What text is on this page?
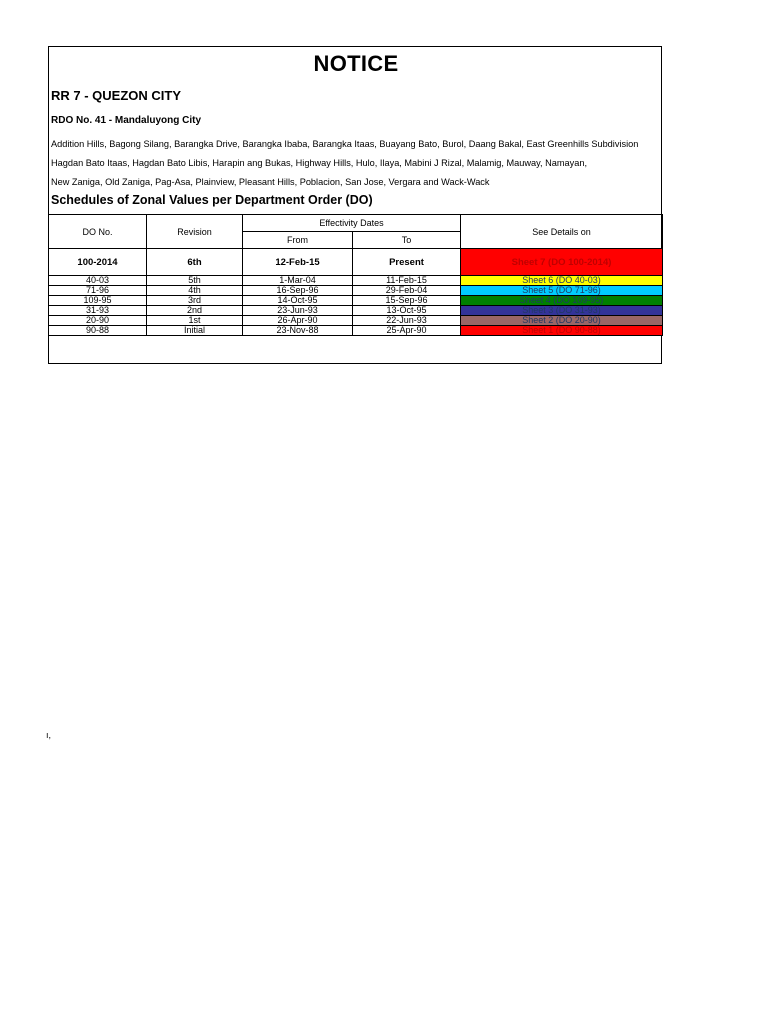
NOTICE
RR 7 - QUEZON CITY
RDO No. 41 - Mandaluyong City
Addition Hills, Bagong Silang, Barangka Drive, Barangka Ibaba, Barangka Itaas, Buayang Bato, Burol, Daang Bakal, East Greenhills Subdivision
Hagdan Bato Itaas, Hagdan Bato Libis, Harapin ang Bukas, Highway Hills, Hulo, Ilaya, Mabini J Rizal, Malamig, Mauway, Namayan,
New Zaniga, Old Zaniga, Pag-Asa, Plainview, Pleasant Hills, Poblacion, San Jose, Vergara and Wack-Wack
Schedules of Zonal Values per Department Order (DO)
DO No.	Revision	Effectivity Dates		See Details on
		From	To	
100-2014	6th	12-Feb-15	Present	Sheet 7 (DO 100-2014)
40-03	5th	1-Mar-04	11-Feb-15	Sheet 6 (DO 40-03)
71-96	4th	16-Sep-96	29-Feb-04	Sheet 5 (DO 71-96)
109-95	3rd	14-Oct-95	15-Sep-96	Sheet 4 (DO 109-95)
31-93	2nd	23-Jun-93	13-Oct-95	Sheet 3 (DO 31-93)
20-90	1st	26-Apr-90	22-Jun-93	Sheet 2 (DO 20-90)
90-88	Initial	23-Nov-88	25-Apr-90	Sheet 1 (DO 90-88)
ı,
